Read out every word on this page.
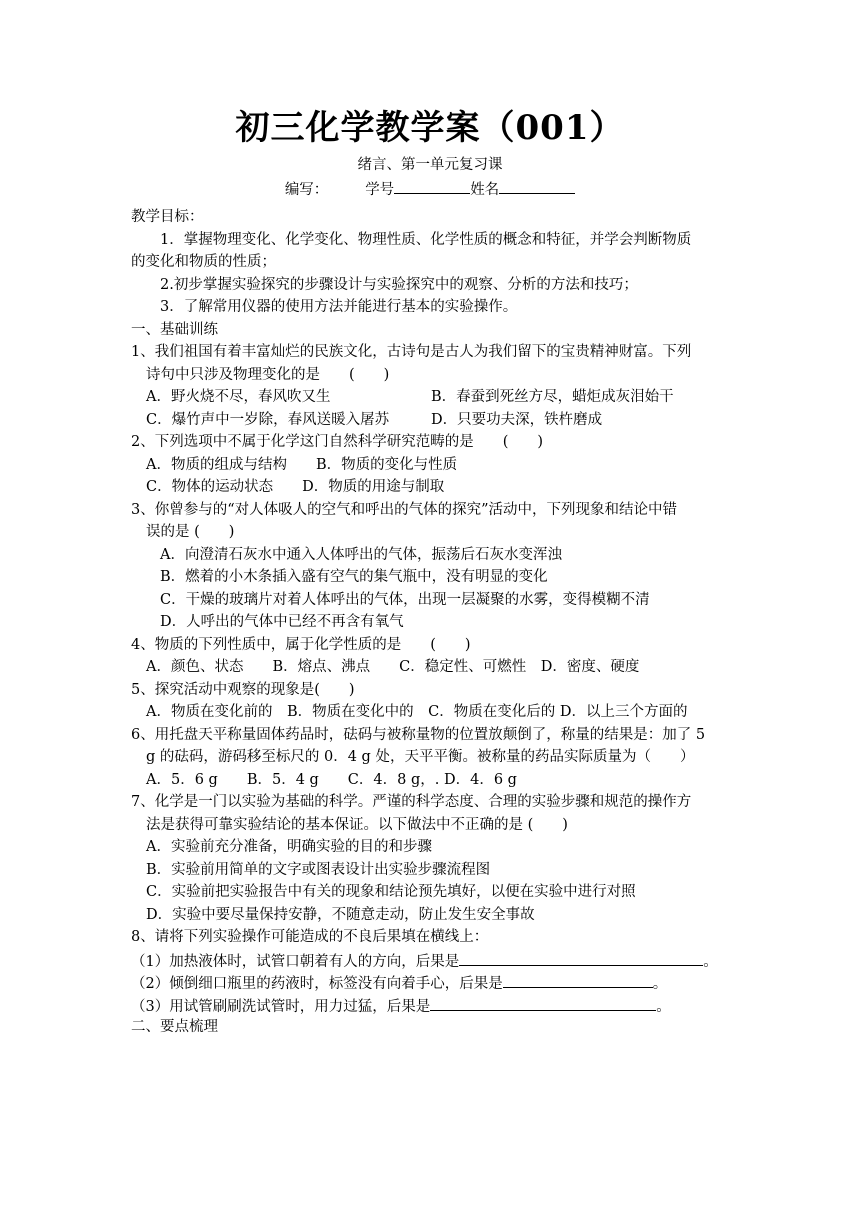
初三化学教学案（001）
绪言、第一单元复习课
编写：	学号	姓名
教学目标：
1．掌握物理变化、化学变化、物理性质、化学性质的概念和特征，并学会判断物质
的变化和物质的性质；
2.初步掌握实验探究的步骤设计与实验探究中的观察、分析的方法和技巧；
3．了解常用仪器的使用方法并能进行基本的实验操作。
一、基础训练
1、我们祖国有着丰富灿烂的民族文化，古诗句是古人为我们留下的宝贵精神财富。下列
诗句中只涉及物理变化的是　　(　　)
A．野火烧不尽，春风吹又生	B．春蚕到死丝方尽，蜡炬成灰泪始干
C．爆竹声中一岁除，春风送暖入屠苏	D．只要功夫深，铁杵磨成
2、下列选项中不属于化学这门自然科学研究范畴的是　　(　　)
A．物质的组成与结构　　B．物质的变化与性质
C．物体的运动状态　　D．物质的用途与制取
3、你曾参与的“对人体吸人的空气和呼出的气体的探究”活动中，下列现象和结论中错
误的是 (　　)
A．向澄清石灰水中通入人体呼出的气体，振荡后石灰水变浑浊
B．燃着的小木条插入盛有空气的集气瓶中，没有明显的变化
C．干燥的玻璃片对着人体呼出的气体，出现一层凝聚的水雾，变得模糊不清
D．人呼出的气体中已经不再含有氧气
4、物质的下列性质中，属于化学性质的是　　(　　)
A．颜色、状态　　B．熔点、沸点　　C．稳定性、可燃性　D．密度、硬度
5、探究活动中观察的现象是(　　)
A．物质在变化前的　B．物质在变化中的　C．物质在变化后的 D．以上三个方面的
6、用托盘天平称量固体药品时，砝码与被称量物的位置放颠倒了，称量的结果是：加了 5
g 的砝码，游码移至标尺的 0．4 g 处，天平平衡。被称量的药品实际质量为（　　）
A．5．6 g　　B．5．4 g　　C．4．8 g，. D．4．6 g
7、化学是一门以实验为基础的科学。严谨的科学态度、合理的实验步骤和规范的操作方
法是获得可靠实验结论的基本保证。以下做法中不正确的是 (　　)
A．实验前充分准备，明确实验的目的和步骤
B．实验前用简单的文字或图表设计出实验步骤流程图
C．实验前把实验报告中有关的现象和结论预先填好，以便在实验中进行对照
D．实验中要尽量保持安静，不随意走动，防止发生安全事故
8、请将下列实验操作可能造成的不良后果填在横线上：
（1）加热液体时，试管口朝着有人的方向，后果是	。
（2）倾倒细口瓶里的药液时，标签没有向着手心，后果是	。
（3）用试管刷刷洗试管时，用力过猛，后果是	。
二、要点梳理
